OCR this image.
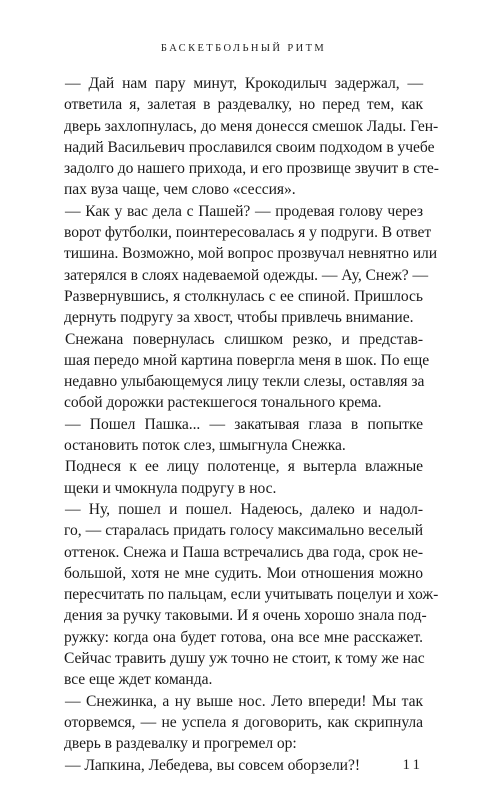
БАСКЕТБОЛЬНЫЙ РИТМ
— Дай нам пару минут, Крокодилыч задержал, —
ответила я, залетая в раздевалку, но перед тем, как
дверь захлопнулась, до меня донесся смешок Лады. Ген-
надий Васильевич прославился своим подходом в учебе
задолго до нашего прихода, и его прозвище звучит в сте-
пах вуза чаще, чем слово «сессия».
— Как у вас дела с Пашей? — продевая голову через
ворот футболки, поинтересовалась я у подруги. В ответ
тишина. Возможно, мой вопрос прозвучал невнятно или
затерялся в слоях надеваемой одежды. — Ау, Снеж? —
Развернувшись, я столкнулась с ее спиной. Пришлось
дернуть подругу за хвост, чтобы привлечь внимание.
Снежана повернулась слишком резко, и представ-
шая передо мной картина повергла меня в шок. По еще
недавно улыбающемуся лицу текли слезы, оставляя за
собой дорожки растекшегося тонального крема.
— Пошел Пашка... — закатывая глаза в попытке
остановить поток слез, шмыгнула Снежка.
Поднеся к ее лицу полотенце, я вытерла влажные
щеки и чмокнула подругу в нос.
— Ну, пошел и пошел. Надеюсь, далеко и надол-
го, — старалась придать голосу максимально веселый
оттенок. Снежа и Паша встречались два года, срок не-
большой, хотя не мне судить. Мои отношения можно
пересчитать по пальцам, если учитывать поцелуи и хож-
дения за ручку таковыми. И я очень хорошо знала под-
ружку: когда она будет готова, она все мне расскажет.
Сейчас травить душу уж точно не стоит, к тому же нас
все еще ждет команда.
— Снежинка, а ну выше нос. Лето впереди! Мы так
оторвемся, — не успела я договорить, как скрипнула
дверь в раздевалку и прогремел ор:
— Лапкина, Лебедева, вы совсем оборзели?!	11
